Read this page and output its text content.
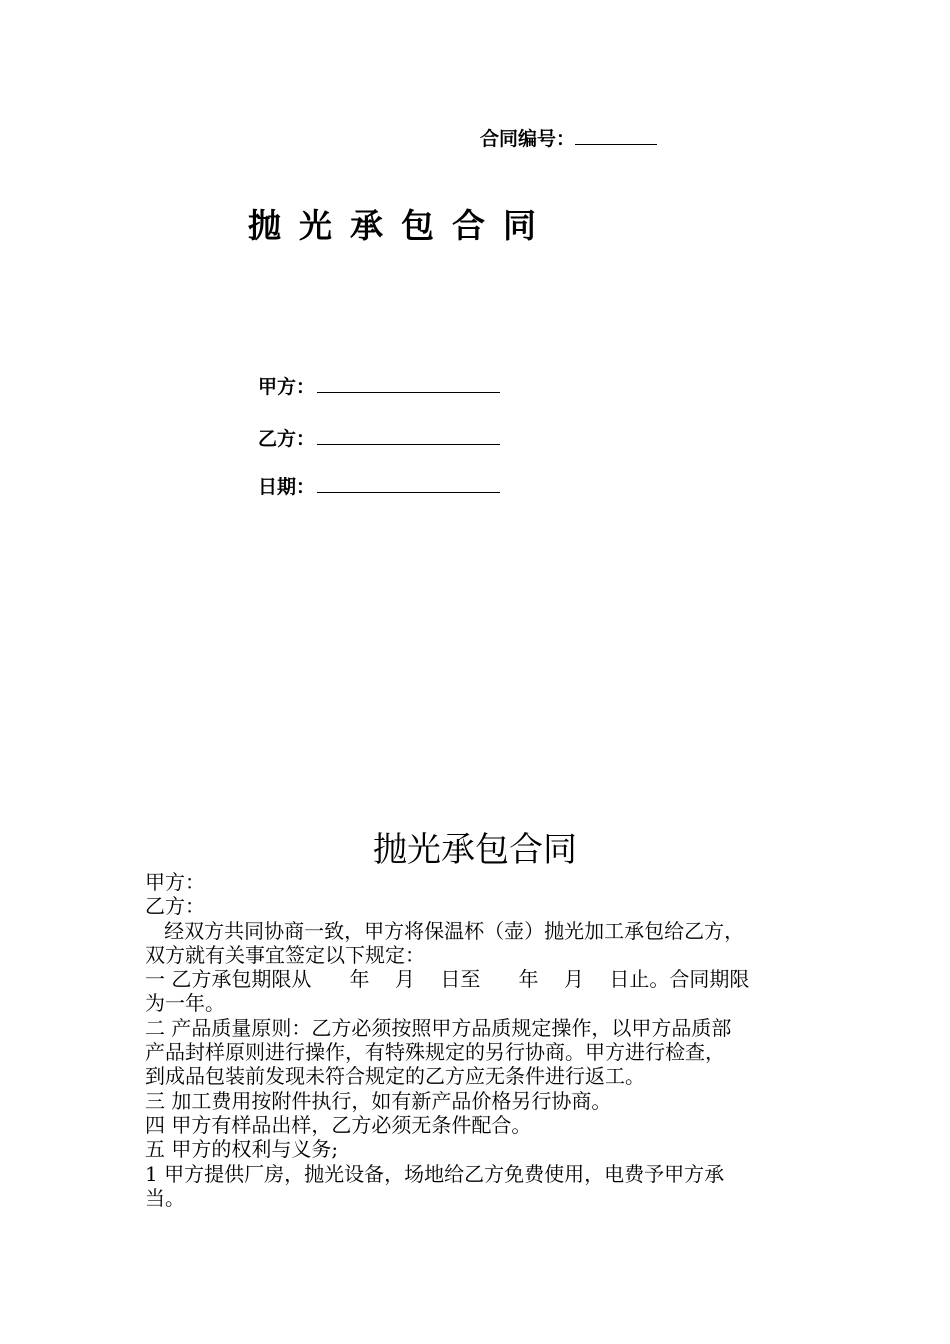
合同编号：
抛光承包合同
甲方：
乙方：
日期：
抛光承包合同

甲方：

乙方：

经双方共同协商一致，甲方将保温杯（壶）抛光加工承包给乙方，

双方就有关事宜签定以下规定：

一 乙方承包期限从      年    月    日至      年    月    日止。合同期限

为一年。

二 产品质量原则：乙方必须按照甲方品质规定操作，以甲方品质部

产品封样原则进行操作，有特殊规定的另行协商。甲方进行检查，

到成品包装前发现未符合规定的乙方应无条件进行返工。

三 加工费用按附件执行，如有新产品价格另行协商。

四 甲方有样品出样，乙方必须无条件配合。

五 甲方的权利与义务;

1 甲方提供厂房，抛光设备，场地给乙方免费使用，电费予甲方承

当。
